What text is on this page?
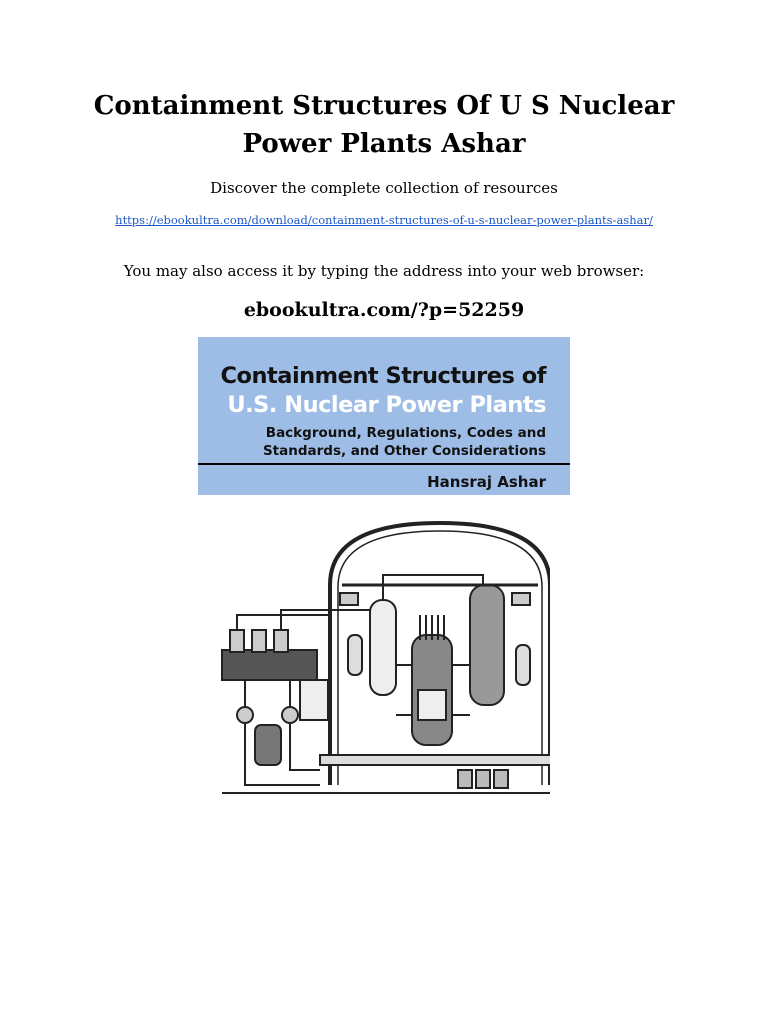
Containment Structures Of U S Nuclear Power Plants Ashar
Discover the complete collection of resources
https://ebookultra.com/download/containment-structures-of-u-s-nuclear-power-plants-ashar/
You may also access it by typing the address into your web browser:
ebookultra.com/?p=52259
Containment Structures of
U.S. Nuclear Power Plants
Background, Regulations, Codes and
Standards, and Other Considerations
Hansraj Ashar
